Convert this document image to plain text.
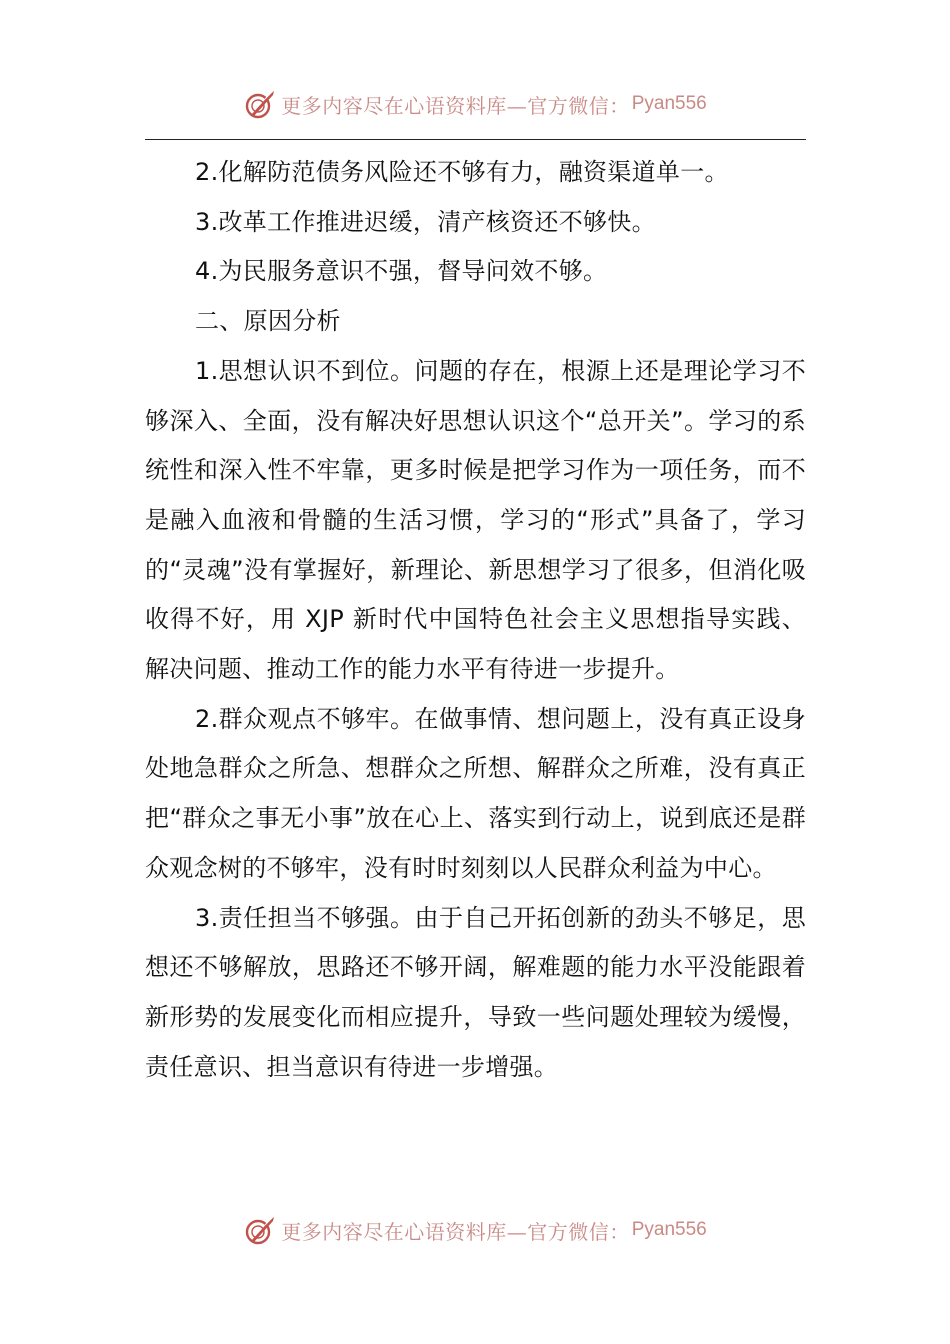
更多内容尽在心语资料库—官方微信： Pyan556

2.化解防范债务风险还不够有力，融资渠道单一。

3.改革工作推进迟缓，清产核资还不够快。

4.为民服务意识不强，督导问效不够。

二、原因分析

1.思想认识不到位。问题的存在，根源上还是理论学习不够深入、全面，没有解决好思想认识这个“总开关”。学习的系统性和深入性不牢靠，更多时候是把学习作为一项任务，而不是融入血液和骨髓的生活习惯，学习的“形式”具备了，学习的“灵魂”没有掌握好，新理论、新思想学习了很多，但消化吸收得不好，用 XJP 新时代中国特色社会主义思想指导实践、解决问题、推动工作的能力水平有待进一步提升。

2.群众观点不够牢。在做事情、想问题上，没有真正设身处地急群众之所急、想群众之所想、解群众之所难，没有真正把“群众之事无小事”放在心上、落实到行动上，说到底还是群众观念树的不够牢，没有时时刻刻以人民群众利益为中心。

3.责任担当不够强。由于自己开拓创新的劲头不够足，思想还不够解放，思路还不够开阔，解难题的能力水平没能跟着新形势的发展变化而相应提升，导致一些问题处理较为缓慢，责任意识、担当意识有待进一步增强。

更多内容尽在心语资料库—官方微信： Pyan556
